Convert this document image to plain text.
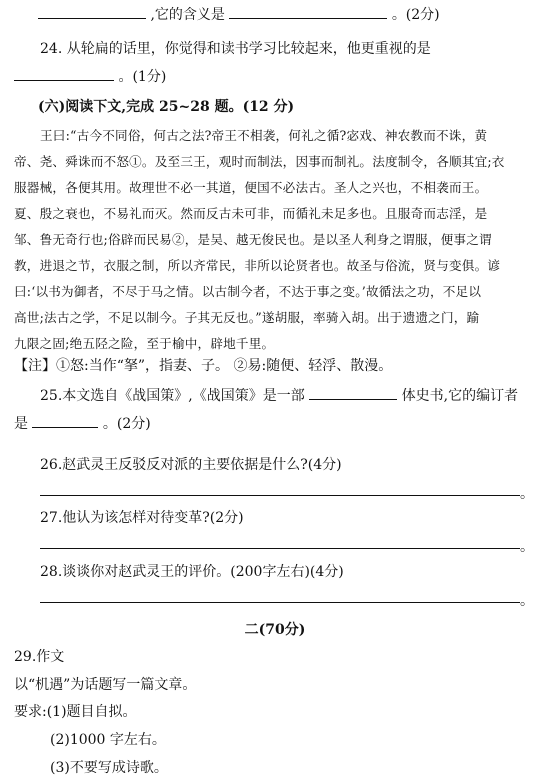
,它的含义是	。(2分)
24. 从轮扁的话里，你觉得和读书学习比较起来，他更重视的是
。(1分)
(六)阅读下文,完成 25~28 题。(12 分)
王曰:“古今不同俗，何古之法?帝王不相袭，何礼之循?宓戏、神农教而不诛，黄
帝、尧、舜诛而不怒①。及至三王，观时而制法，因事而制礼。法度制令，各顺其宜;衣
服器械，各便其用。故理世不必一其道，便国不必法古。圣人之兴也，不相袭而王。
夏、殷之衰也，不易礼而灭。然而反古未可非，而循礼未足多也。且服奇而志淫，是
邹、鲁无奇行也;俗辟而民易②，是吴、越无俊民也。是以圣人利身之谓服，便事之谓
教，进退之节，衣服之制，所以齐常民，非所以论贤者也。故圣与俗流，贤与变俱。谚
曰:‘以书为御者，不尽于马之情。以古制今者，不达于事之变。’故循法之功，不足以
高世;法古之学，不足以制今。子其无反也。”遂胡服，率骑入胡。出于遗遗之门，踰
九限之固;绝五陉之险，至于榆中，辟地千里。
【注】①怒:当作“拏”，指妻、子。 ②易:随便、轻浮、散漫。
25.本文选自《战国策》,《战国策》是一部	体史书,它的编订者
是	。(2分)
26.赵武灵王反驳反对派的主要依据是什么?(4分)
。
27.他认为该怎样对待变革?(2分)
。
28.谈谈你对赵武灵王的评价。(200字左右)(4分)
。
二(70分)
29.作文
以“机遇”为话题写一篇文章。
要求:(1)题目自拟。
(2)1000 字左右。
(3)不要写成诗歌。
